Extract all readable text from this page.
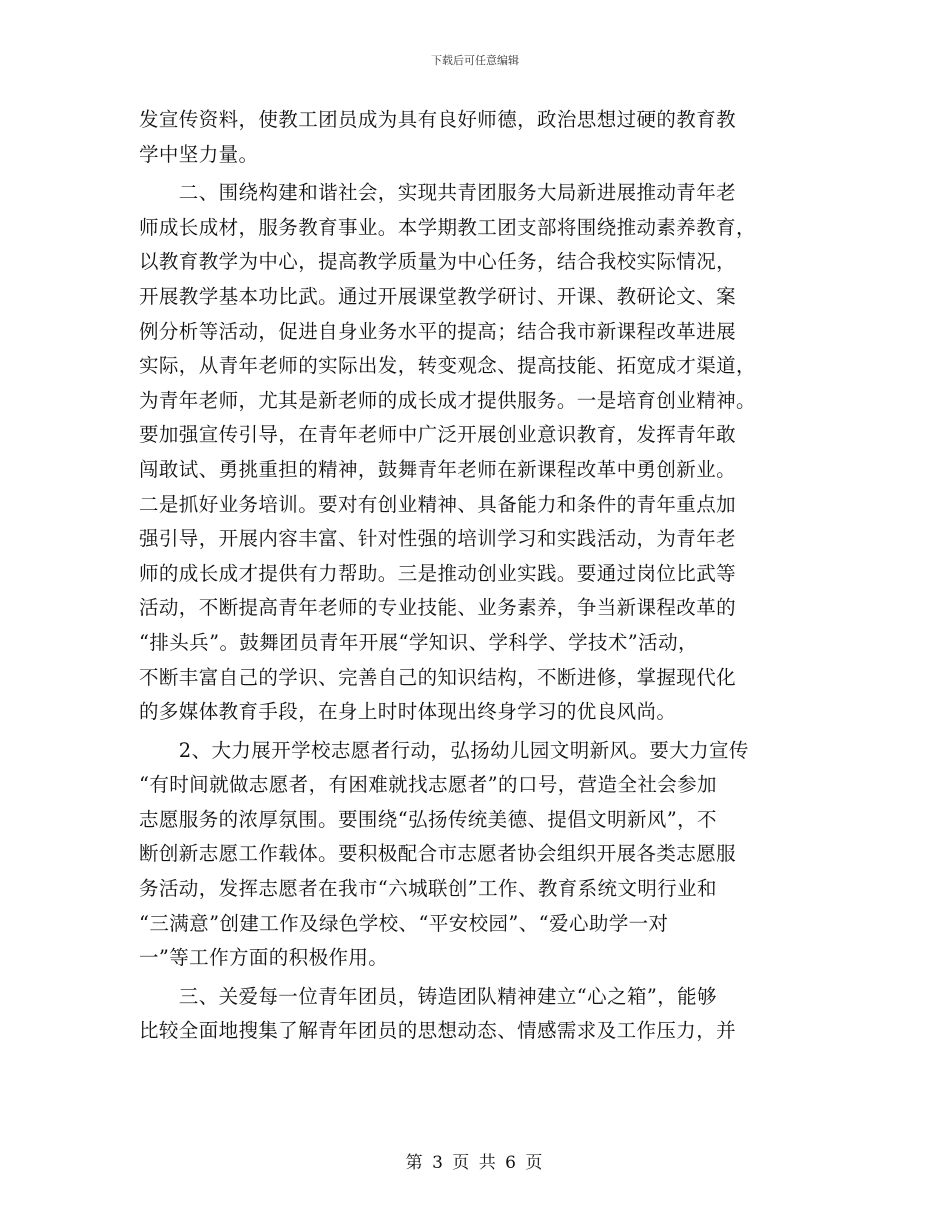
下载后可任意编辑
发宣传资料，使教工团员成为具有良好师德，政治思想过硬的教育教
学中坚力量。
　　二、围绕构建和谐社会，实现共青团服务大局新进展推动青年老
师成长成材，服务教育事业。本学期教工团支部将围绕推动素养教育，
以教育教学为中心，提高教学质量为中心任务，结合我校实际情况，
开展教学基本功比武。通过开展课堂教学研讨、开课、教研论文、案
例分析等活动，促进自身业务水平的提高；结合我市新课程改革进展
实际，从青年老师的实际出发，转变观念、提高技能、拓宽成才渠道，
为青年老师，尤其是新老师的成长成才提供服务。一是培育创业精神。
要加强宣传引导，在青年老师中广泛开展创业意识教育，发挥青年敢
闯敢试、勇挑重担的精神，鼓舞青年老师在新课程改革中勇创新业。
二是抓好业务培训。要对有创业精神、具备能力和条件的青年重点加
强引导，开展内容丰富、针对性强的培训学习和实践活动，为青年老
师的成长成才提供有力帮助。三是推动创业实践。要通过岗位比武等
活动，不断提高青年老师的专业技能、业务素养，争当新课程改革的
“排头兵”。鼓舞团员青年开展“学知识、学科学、学技术”活动，
不断丰富自己的学识、完善自己的知识结构，不断进修，掌握现代化
的多媒体教育手段，在身上时时体现出终身学习的优良风尚。
　　2、大力展开学校志愿者行动，弘扬幼儿园文明新风。要大力宣传
“有时间就做志愿者，有困难就找志愿者”的口号，营造全社会参加
志愿服务的浓厚氛围。要围绕“弘扬传统美德、提倡文明新风”，不
断创新志愿工作载体。要积极配合市志愿者协会组织开展各类志愿服
务活动，发挥志愿者在我市“六城联创”工作、教育系统文明行业和
“三满意”创建工作及绿色学校、“平安校园”、“爱心助学一对
一”等工作方面的积极作用。
　　三、关爱每一位青年团员，铸造团队精神建立“心之箱”，能够
比较全面地搜集了解青年团员的思想动态、情感需求及工作压力，并
第 3 页 共 6 页
